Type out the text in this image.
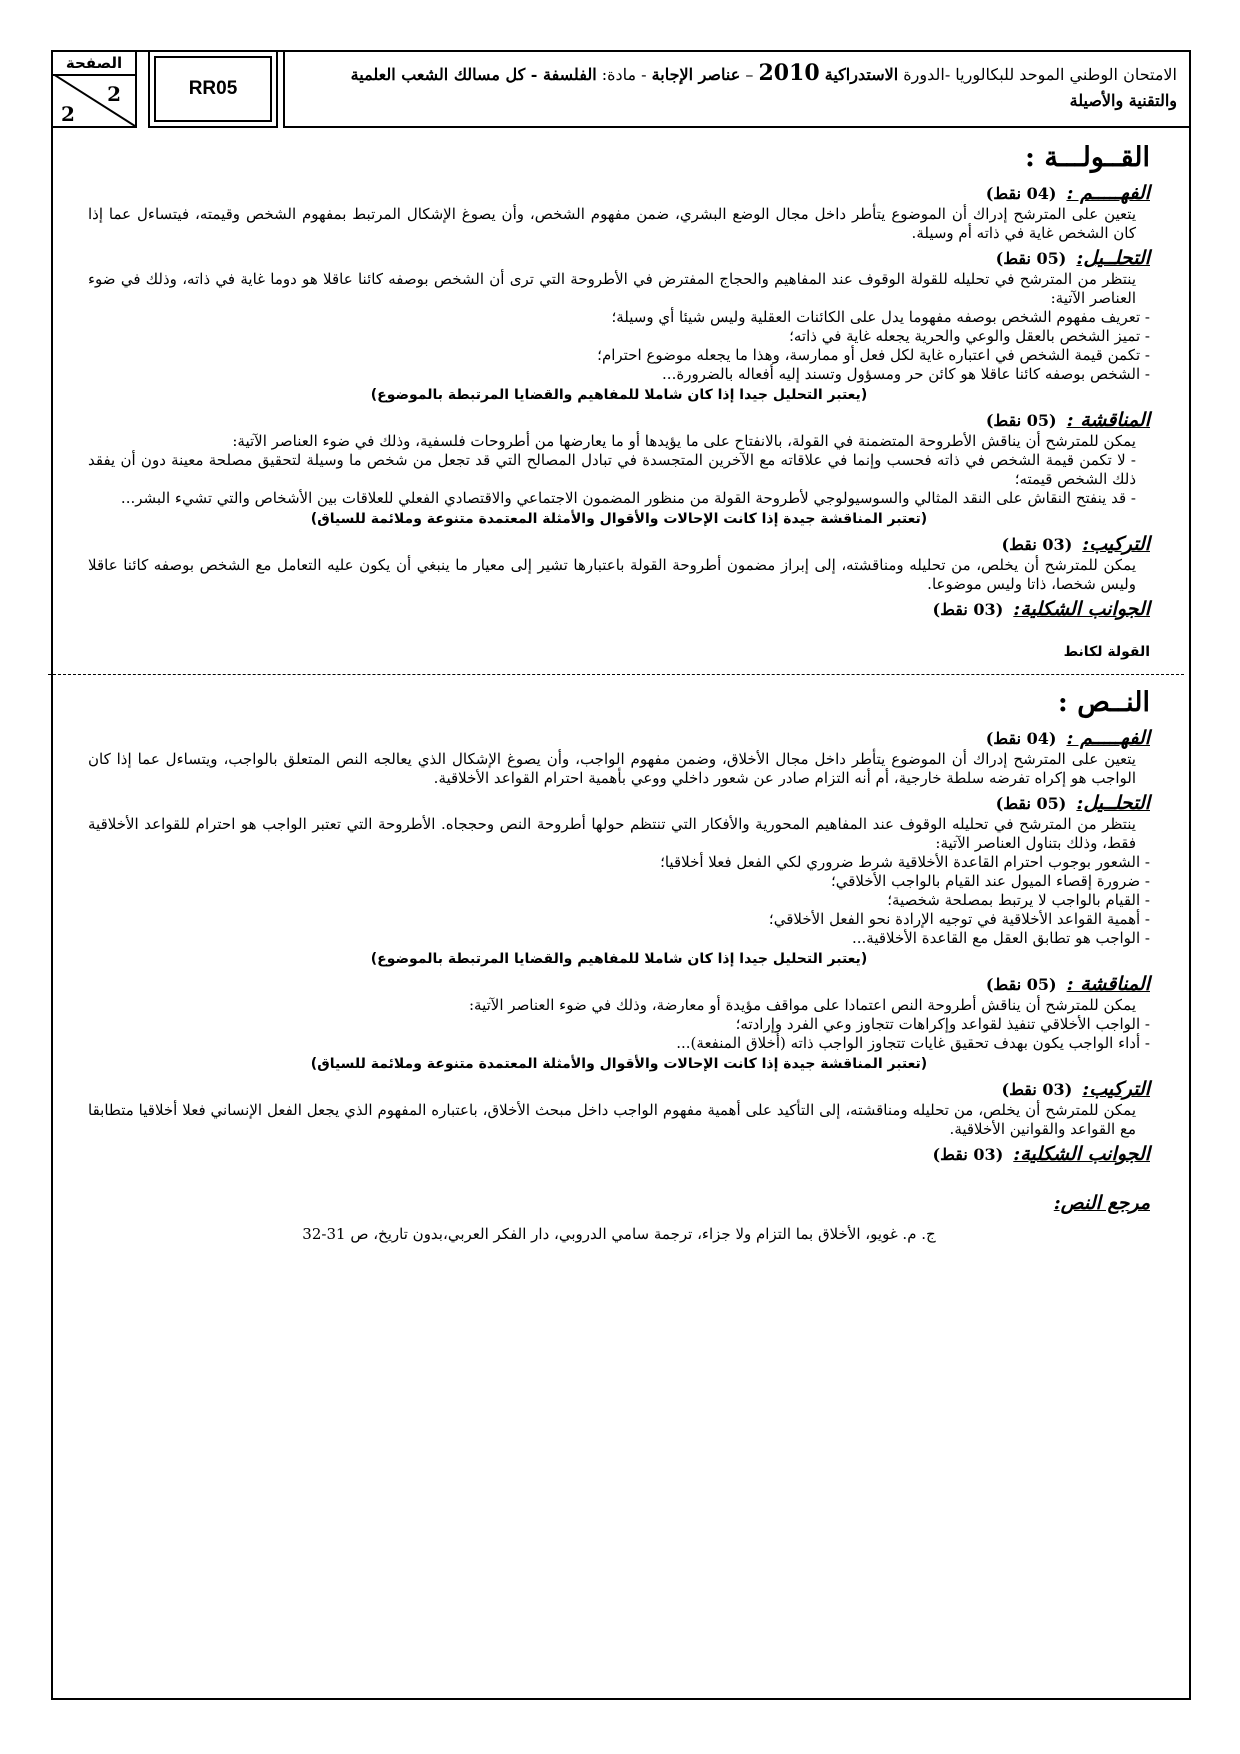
الصفحة
2
2
RR05
الامتحان الوطني الموحد للبكالوريا -الدورة الاستدراكية 2010 – عناصر الإجابة - مادة: الفلسفة - كل مسالك الشعب العلمية والتقنية والأصيلة
القــولـــة :
الفهـــــم :(04 نقط)

يتعين على المترشح إدراك أن الموضوع يتأطر داخل مجال الوضع البشري، ضمن مفهوم الشخص، وأن يصوغ الإشكال المرتبط بمفهوم الشخص وقيمته، فيتساءل عما إذا كان الشخص غاية في ذاته أم وسيلة.

التحلــيل:(05 نقط)

ينتظر من المترشح في تحليله للقولة الوقوف عند المفاهيم والحجاج المفترض في الأطروحة التي ترى أن الشخص بوصفه كائنا عاقلا هو دوما غاية في ذاته، وذلك في ضوء العناصر الآتية:

- تعريف مفهوم الشخص بوصفه مفهوما يدل على الكائنات العقلية وليس شيئا أي وسيلة؛

- تميز الشخص بالعقل والوعي والحرية يجعله غاية في ذاته؛

- تكمن قيمة الشخص في اعتباره غاية لكل فعل أو ممارسة، وهذا ما يجعله موضوع احترام؛

- الشخص بوصفه كائنا عاقلا هو كائن حر ومسؤول وتسند إليه أفعاله بالضرورة...

(يعتبر التحليل جيدا إذا كان شاملا للمفاهيم والقضايا المرتبطة بالموضوع)
المناقشة :(05 نقط)

يمكن للمترشح أن يناقش الأطروحة المتضمنة في القولة، بالانفتاح على ما يؤيدها أو ما يعارضها من أطروحات فلسفية، وذلك في ضوء العناصر الآتية:

- لا تكمن قيمة الشخص في ذاته فحسب وإنما في علاقاته مع الآخرين المتجسدة في تبادل المصالح التي قد تجعل من شخص ما وسيلة لتحقيق مصلحة معينة دون أن يفقد ذلك الشخص قيمته؛

- قد ينفتح النقاش على النقد المثالي والسوسيولوجي لأطروحة القولة من منظور المضمون الاجتماعي والاقتصادي الفعلي للعلاقات بين الأشخاص والتي تشيء البشر...

(تعتبر المناقشة جيدة إذا كانت الإحالات والأقوال والأمثلة المعتمدة متنوعة وملائمة للسياق)
التركيب:(03 نقط)

يمكن للمترشح أن يخلص، من تحليله ومناقشته، إلى إبراز مضمون أطروحة القولة باعتبارها تشير إلى معيار ما ينبغي أن يكون عليه التعامل مع الشخص بوصفه كائنا عاقلا وليس شخصا، ذاتا وليس موضوعا.

الجوانب الشكلية:(03 نقط)
القولة لكانط
النــص :
الفهـــــم :(04 نقط)

يتعين على المترشح إدراك أن الموضوع يتأطر داخل مجال الأخلاق، وضمن مفهوم الواجب، وأن يصوغ الإشكال الذي يعالجه النص المتعلق بالواجب، ويتساءل عما إذا كان الواجب هو إكراه تفرضه سلطة خارجية، أم أنه التزام صادر عن شعور داخلي ووعي بأهمية احترام القواعد الأخلاقية.

التحلــيل:(05 نقط)

ينتظر من المترشح في تحليله الوقوف عند المفاهيم المحورية والأفكار التي تنتظم حولها أطروحة النص وحججاه. الأطروحة التي تعتبر الواجب هو احترام للقواعد الأخلاقية فقط، وذلك بتناول العناصر الآتية:

- الشعور بوجوب احترام القاعدة الأخلاقية شرط ضروري لكي الفعل فعلا أخلاقيا؛

- ضرورة إقصاء الميول عند القيام بالواجب الأخلاقي؛

- القيام بالواجب لا يرتبط بمصلحة شخصية؛

- أهمية القواعد الأخلاقية في توجيه الإرادة نحو الفعل الأخلاقي؛

- الواجب هو تطابق العقل مع القاعدة الأخلاقية...

(يعتبر التحليل جيدا إذا كان شاملا للمفاهيم والقضايا المرتبطة بالموضوع)
المناقشة :(05 نقط)

يمكن للمترشح أن يناقش أطروحة النص اعتمادا على مواقف مؤيدة أو معارضة، وذلك في ضوء العناصر الآتية:

- الواجب الأخلاقي تنفيذ لقواعد وإكراهات تتجاوز وعي الفرد وإرادته؛

- أداء الواجب يكون بهدف تحقيق غايات تتجاوز الواجب ذاته (أخلاق المنفعة)...

(تعتبر المناقشة جيدة إذا كانت الإحالات والأقوال والأمثلة المعتمدة متنوعة وملائمة للسياق)
التركيب:(03 نقط)

يمكن للمترشح أن يخلص، من تحليله ومناقشته، إلى التأكيد على أهمية مفهوم الواجب داخل مبحث الأخلاق، باعتباره المفهوم الذي يجعل الفعل الإنساني فعلا أخلاقيا متطابقا مع القواعد والقوانين الأخلاقية.

الجوانب الشكلية:(03 نقط)
مرجع النص:
ج. م. غويو، الأخلاق بما التزام ولا جزاء، ترجمة سامي الدروبي، دار الفكر العربي،بدون تاريخ، ص 31-32
